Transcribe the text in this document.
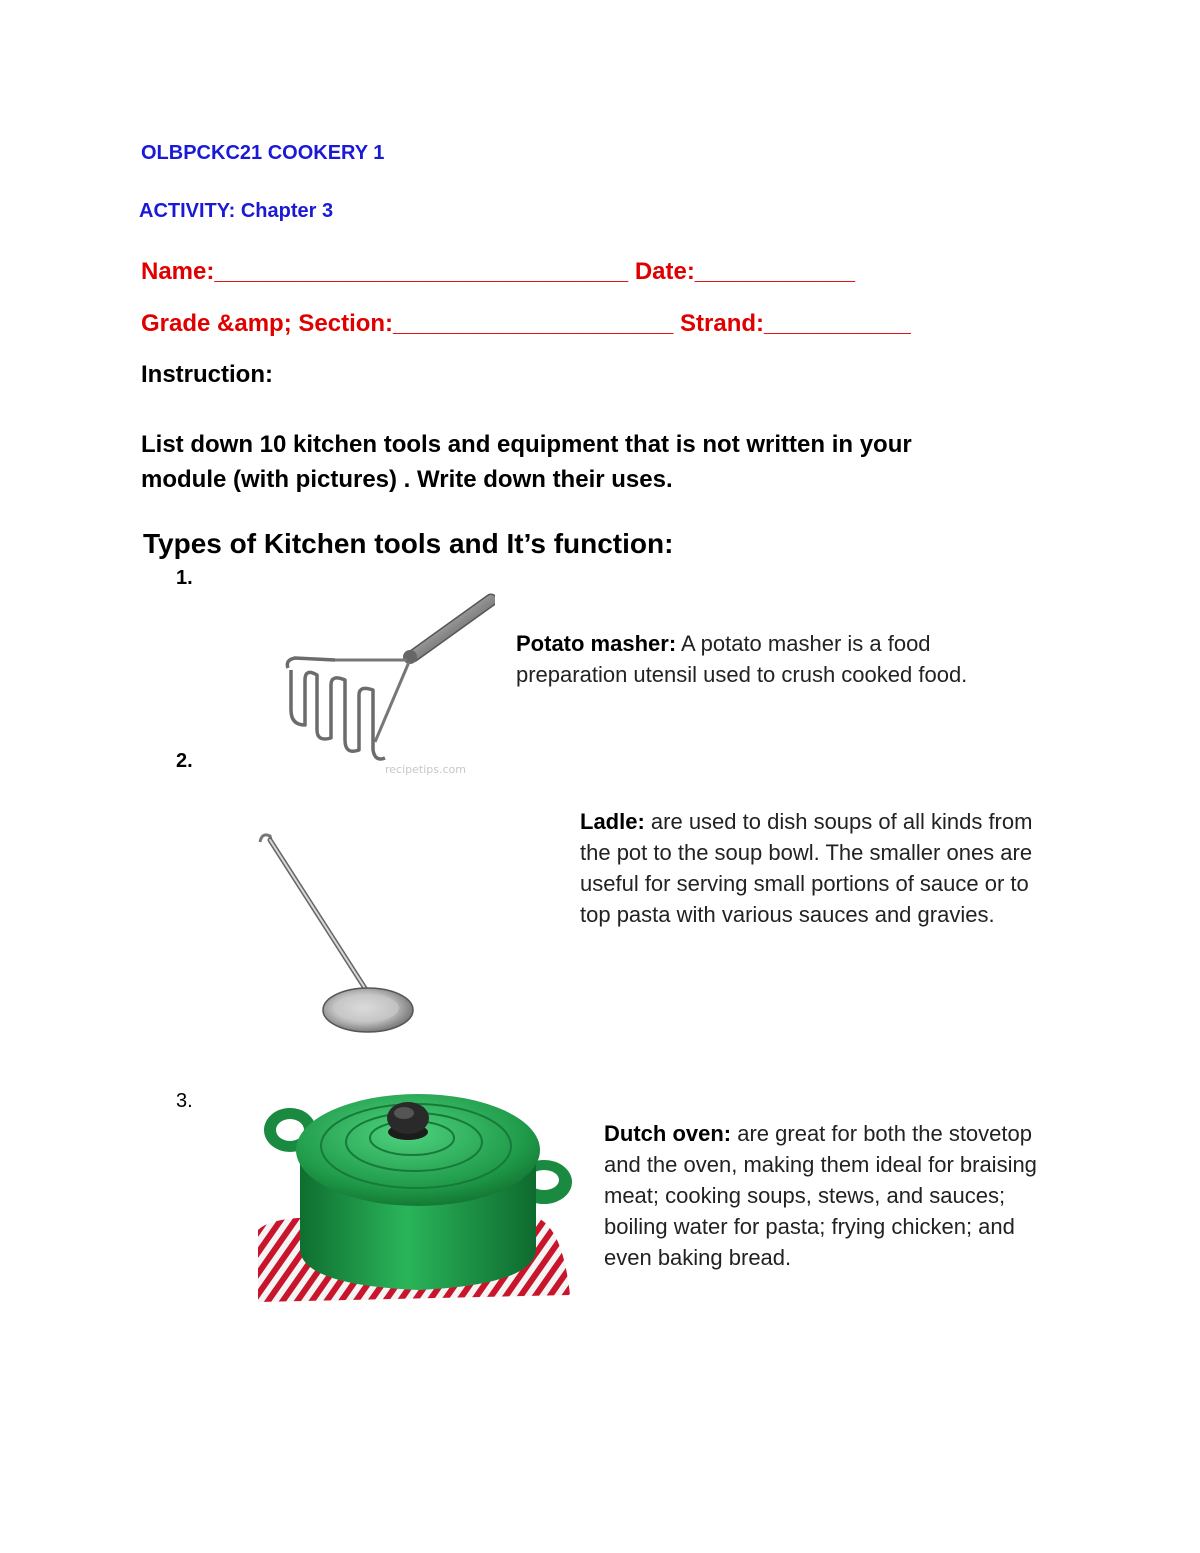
OLBPCKC21 COOKERY 1
ACTIVITY: Chapter 3
Name:_______________________________ Date:____________
Grade &amp; Section:_____________________ Strand:___________
Instruction:
List down 10 kitchen tools and equipment that is not written in your module (with pictures) . Write down their uses.
Types of Kitchen tools and It’s function:
1.
recipetips.com
Potato masher: A potato masher is a food preparation utensil used to crush cooked food.
2.
Ladle: are used to dish soups of all kinds from the pot to the soup bowl. The smaller ones are useful for serving small portions of sauce or to top pasta with various sauces and gravies.
3.
Dutch oven: are great for both the stovetop and the oven, making them ideal for braising meat; cooking soups, stews, and sauces; boiling water for pasta; frying chicken; and even baking bread.
